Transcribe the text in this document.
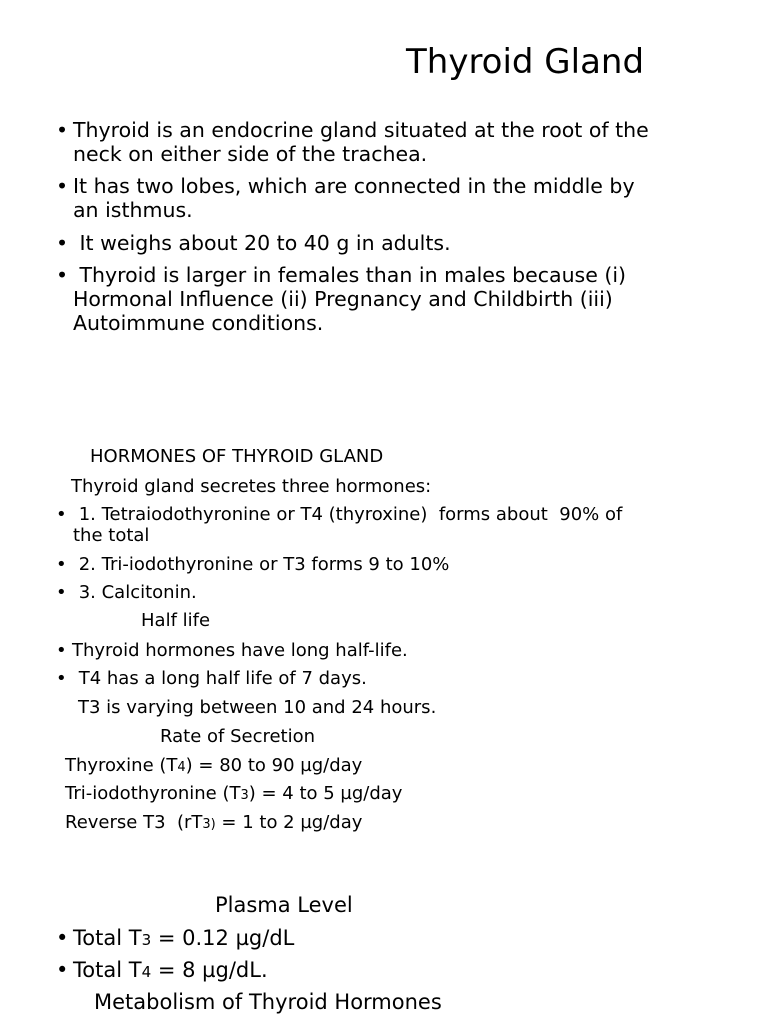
Thyroid Gland
• Thyroid is an endocrine gland situated at the root of the
neck on either side of the trachea.
• It has two lobes, which are connected in the middle by
an isthmus.
• It weighs about 20 to 40 g in adults.
• Thyroid is larger in females than in males because (i)
Hormonal Influence (ii) Pregnancy and Childbirth (iii)
Autoimmune conditions.
HORMONES OF THYROID GLAND
Thyroid gland secretes three hormones:
• 1. Tetraiodothyronine or T4 (thyroxine)  forms about  90% of
the total
• 2. Tri-iodothyronine or T3 forms 9 to 10%
• 3. Calcitonin.
Half life
• Thyroid hormones have long half-life.
• T4 has a long half life of 7 days.
T3 is varying between 10 and 24 hours.
Rate of Secretion
Thyroxine (T4) = 80 to 90 µg/day
Tri-iodothyronine (T3) = 4 to 5 µg/day
Reverse T3  (rT3) = 1 to 2 µg/day
Plasma Level
• Total T3 = 0.12 µg/dL
• Total T4 = 8 µg/dL.
Metabolism of Thyroid Hormones
